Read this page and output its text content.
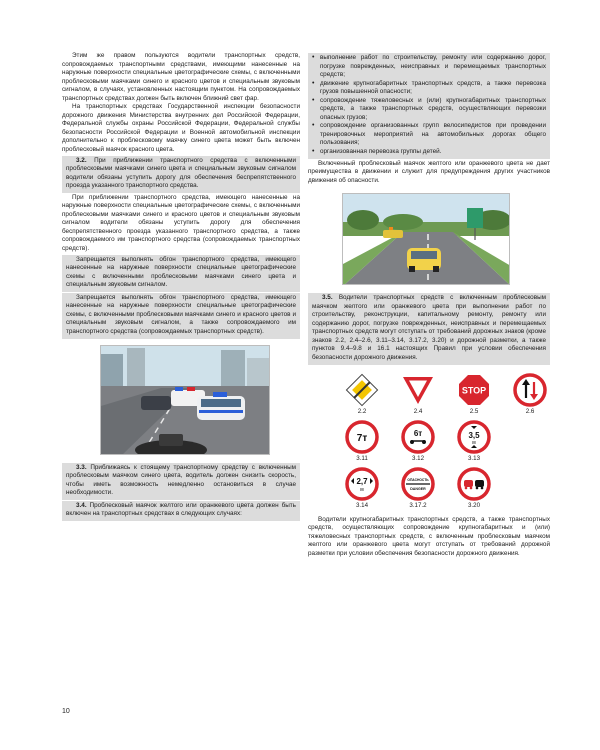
Этим же правом пользуются водители транспортных средств, сопровождаемых транспортными средствами, имеющими нанесенные на наружные поверхности специальные цветографические схемы, с включенными проблесковыми маячками синего и красного цветов и специальным звуковым сигналом, в случаях, установленных настоящим пунктом. На сопровождаемых транспортных средствах должен быть включен ближний свет фар.

На транспортных средствах Государственной инспекции безопасности дорожного движения Министерства внутренних дел Российской Федерации, Федеральной службы охраны Российской Федерации, Федеральной службы безопасности Российской Федерации и Военной автомобильной инспекции дополнительно к проблесковому маячку синего цвета может быть включен проблесковый маячок красного цвета.

3.2. При приближении транспортного средства с включенными проблесковыми маячками синего цвета и специальным звуковым сигналом водители обязаны уступить дорогу для обеспечения беспрепятственного проезда указанного транспортного средства.

При приближении транспортного средства, имеющего нанесенные на наружные поверхности специальные цветографические схемы, с включенными проблесковыми маячками синего и красного цветов и специальным звуковым сигналом водители обязаны уступить дорогу для обеспечения беспрепятственного проезда указанного транспортного средства, а также сопровождаемого им транспортного средства (сопровождаемых транспортных средств).

Запрещается выполнять обгон транспортного средства, имеющего нанесенные на наружные поверхности специальные цветографические схемы с включенными проблесковыми маячками синего цвета и специальным звуковым сигналом.

Запрещается выполнять обгон транспортного средства, имеющего нанесенные на наружные поверхности специальные цветографические схемы, с включенными проблесковыми маячками синего и красного цветов и специальным звуковым сигналом, а также сопровождаемого им транспортного средства (сопровождаемых транспортных средств).

3.3. Приближаясь к стоящему транспортному средству с включенным проблесковым маячком синего цвета, водитель должен снизить скорость, чтобы иметь возможность немедленно остановиться в случае необходимости.

3.4. Проблесковый маячок желтого или оранжевого цвета должен быть включен на транспортных средствах в следующих случаях:

• выполнение работ по строительству, ремонту или содержанию дорог, погрузке поврежденных, неисправных и перемещаемых транспортных средств;
• движение крупногабаритных транспортных средств, а также перевозка грузов повышенной опасности;
• сопровождение тяжеловесных и (или) крупногабаритных транспортных средств, а также транспортных средств, осуществляющих перевозки опасных грузов;
• сопровождение организованных групп велосипедистов при проведении тренировочных мероприятий на автомобильных дорогах общего пользования;
• организованная перевозка группы детей.

Включенный проблесковый маячок желтого или оранжевого цвета не дает преимущества в движении и служит для предупреждения других участников движения об опасности.

3.5. Водители транспортных средств с включенным проблесковым маячком желтого или оранжевого цвета при выполнении работ по строительству, реконструкции, капитальному ремонту, ремонту или содержанию дорог, погрузке поврежденных, неисправных и перемещаемых транспортных средств могут отступать от требований дорожных знаков (кроме знаков 2.2, 2.4–2.6, 3.11–3.14, 3.17.2, 3.20) и дорожной разметки, а также пунктов 9.4–9.8 и 16.1 настоящих Правил при условии обеспечения безопасности дорожного движения.

2.2	2.4
STOP
2.5	2.6
7т
3.11
6т
3.12
3,5
м
3.13
2,7
м
3.14
ОПАСНОСТЬ
DANGER
3.17.2	3.20

Водители крупногабаритных транспортных средств, а также транспортных средств, осуществляющих сопровождение крупногабаритных и (или) тяжеловесных транспортных средств, с включенным проблесковым маячком желтого или оранжевого цвета могут отступать от требований дорожной разметки при условии обеспечения безопасности дорожного движения.

10
